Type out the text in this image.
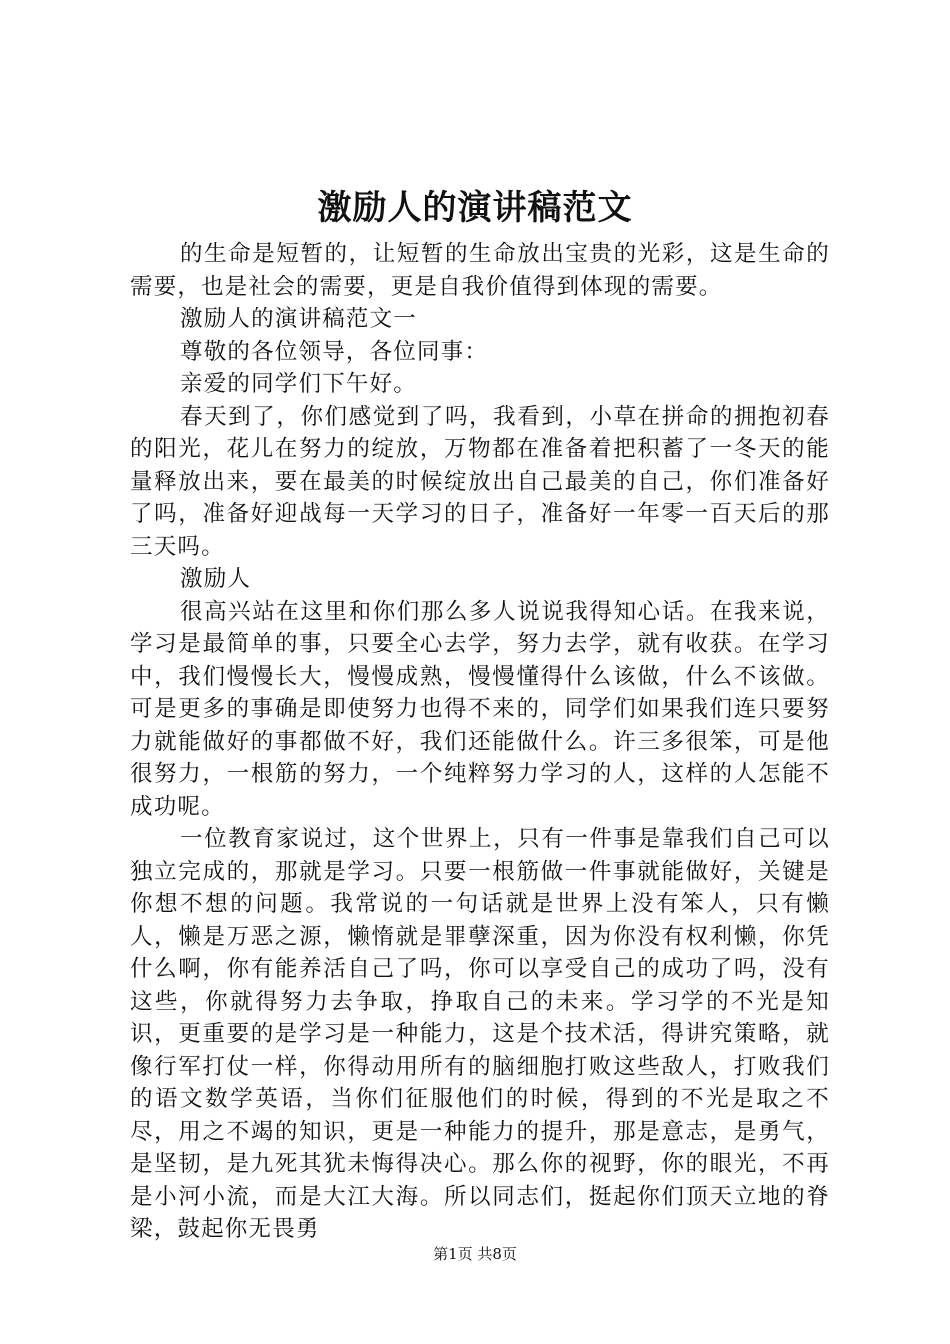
激励人的演讲稿范文

的生命是短暂的，让短暂的生命放出宝贵的光彩，这是生命的需要，也是社会的需要，更是自我价值得到体现的需要。

激励人的演讲稿范文一

尊敬的各位领导，各位同事：

亲爱的同学们下午好。

春天到了，你们感觉到了吗，我看到，小草在拼命的拥抱初春的阳光，花儿在努力的绽放，万物都在准备着把积蓄了一冬天的能量释放出来，要在最美的时候绽放出自己最美的自己，你们准备好了吗，准备好迎战每一天学习的日子，准备好一年零一百天后的那三天吗。

激励人

很高兴站在这里和你们那么多人说说我得知心话。在我来说，学习是最简单的事，只要全心去学，努力去学，就有收获。在学习中，我们慢慢长大，慢慢成熟，慢慢懂得什么该做，什么不该做。可是更多的事确是即使努力也得不来的，同学们如果我们连只要努力就能做好的事都做不好，我们还能做什么。许三多很笨，可是他很努力，一根筋的努力，一个纯粹努力学习的人，这样的人怎能不成功呢。

一位教育家说过，这个世界上，只有一件事是靠我们自己可以独立完成的，那就是学习。只要一根筋做一件事就能做好，关键是你想不想的问题。我常说的一句话就是世界上没有笨人，只有懒人，懒是万恶之源，懒惰就是罪孽深重，因为你没有权利懒，你凭什么啊，你有能养活自己了吗，你可以享受自己的成功了吗，没有这些，你就得努力去争取，挣取自己的未来。学习学的不光是知识，更重要的是学习是一种能力，这是个技术活，得讲究策略，就像行军打仗一样，你得动用所有的脑细胞打败这些敌人，打败我们的语文数学英语，当你们征服他们的时候，得到的不光是取之不尽，用之不竭的知识，更是一种能力的提升，那是意志，是勇气，是坚韧，是九死其犹未悔得决心。那么你的视野，你的眼光，不再是小河小流，而是大江大海。所以同志们，挺起你们顶天立地的脊梁，鼓起你无畏勇

第1页 共8页
